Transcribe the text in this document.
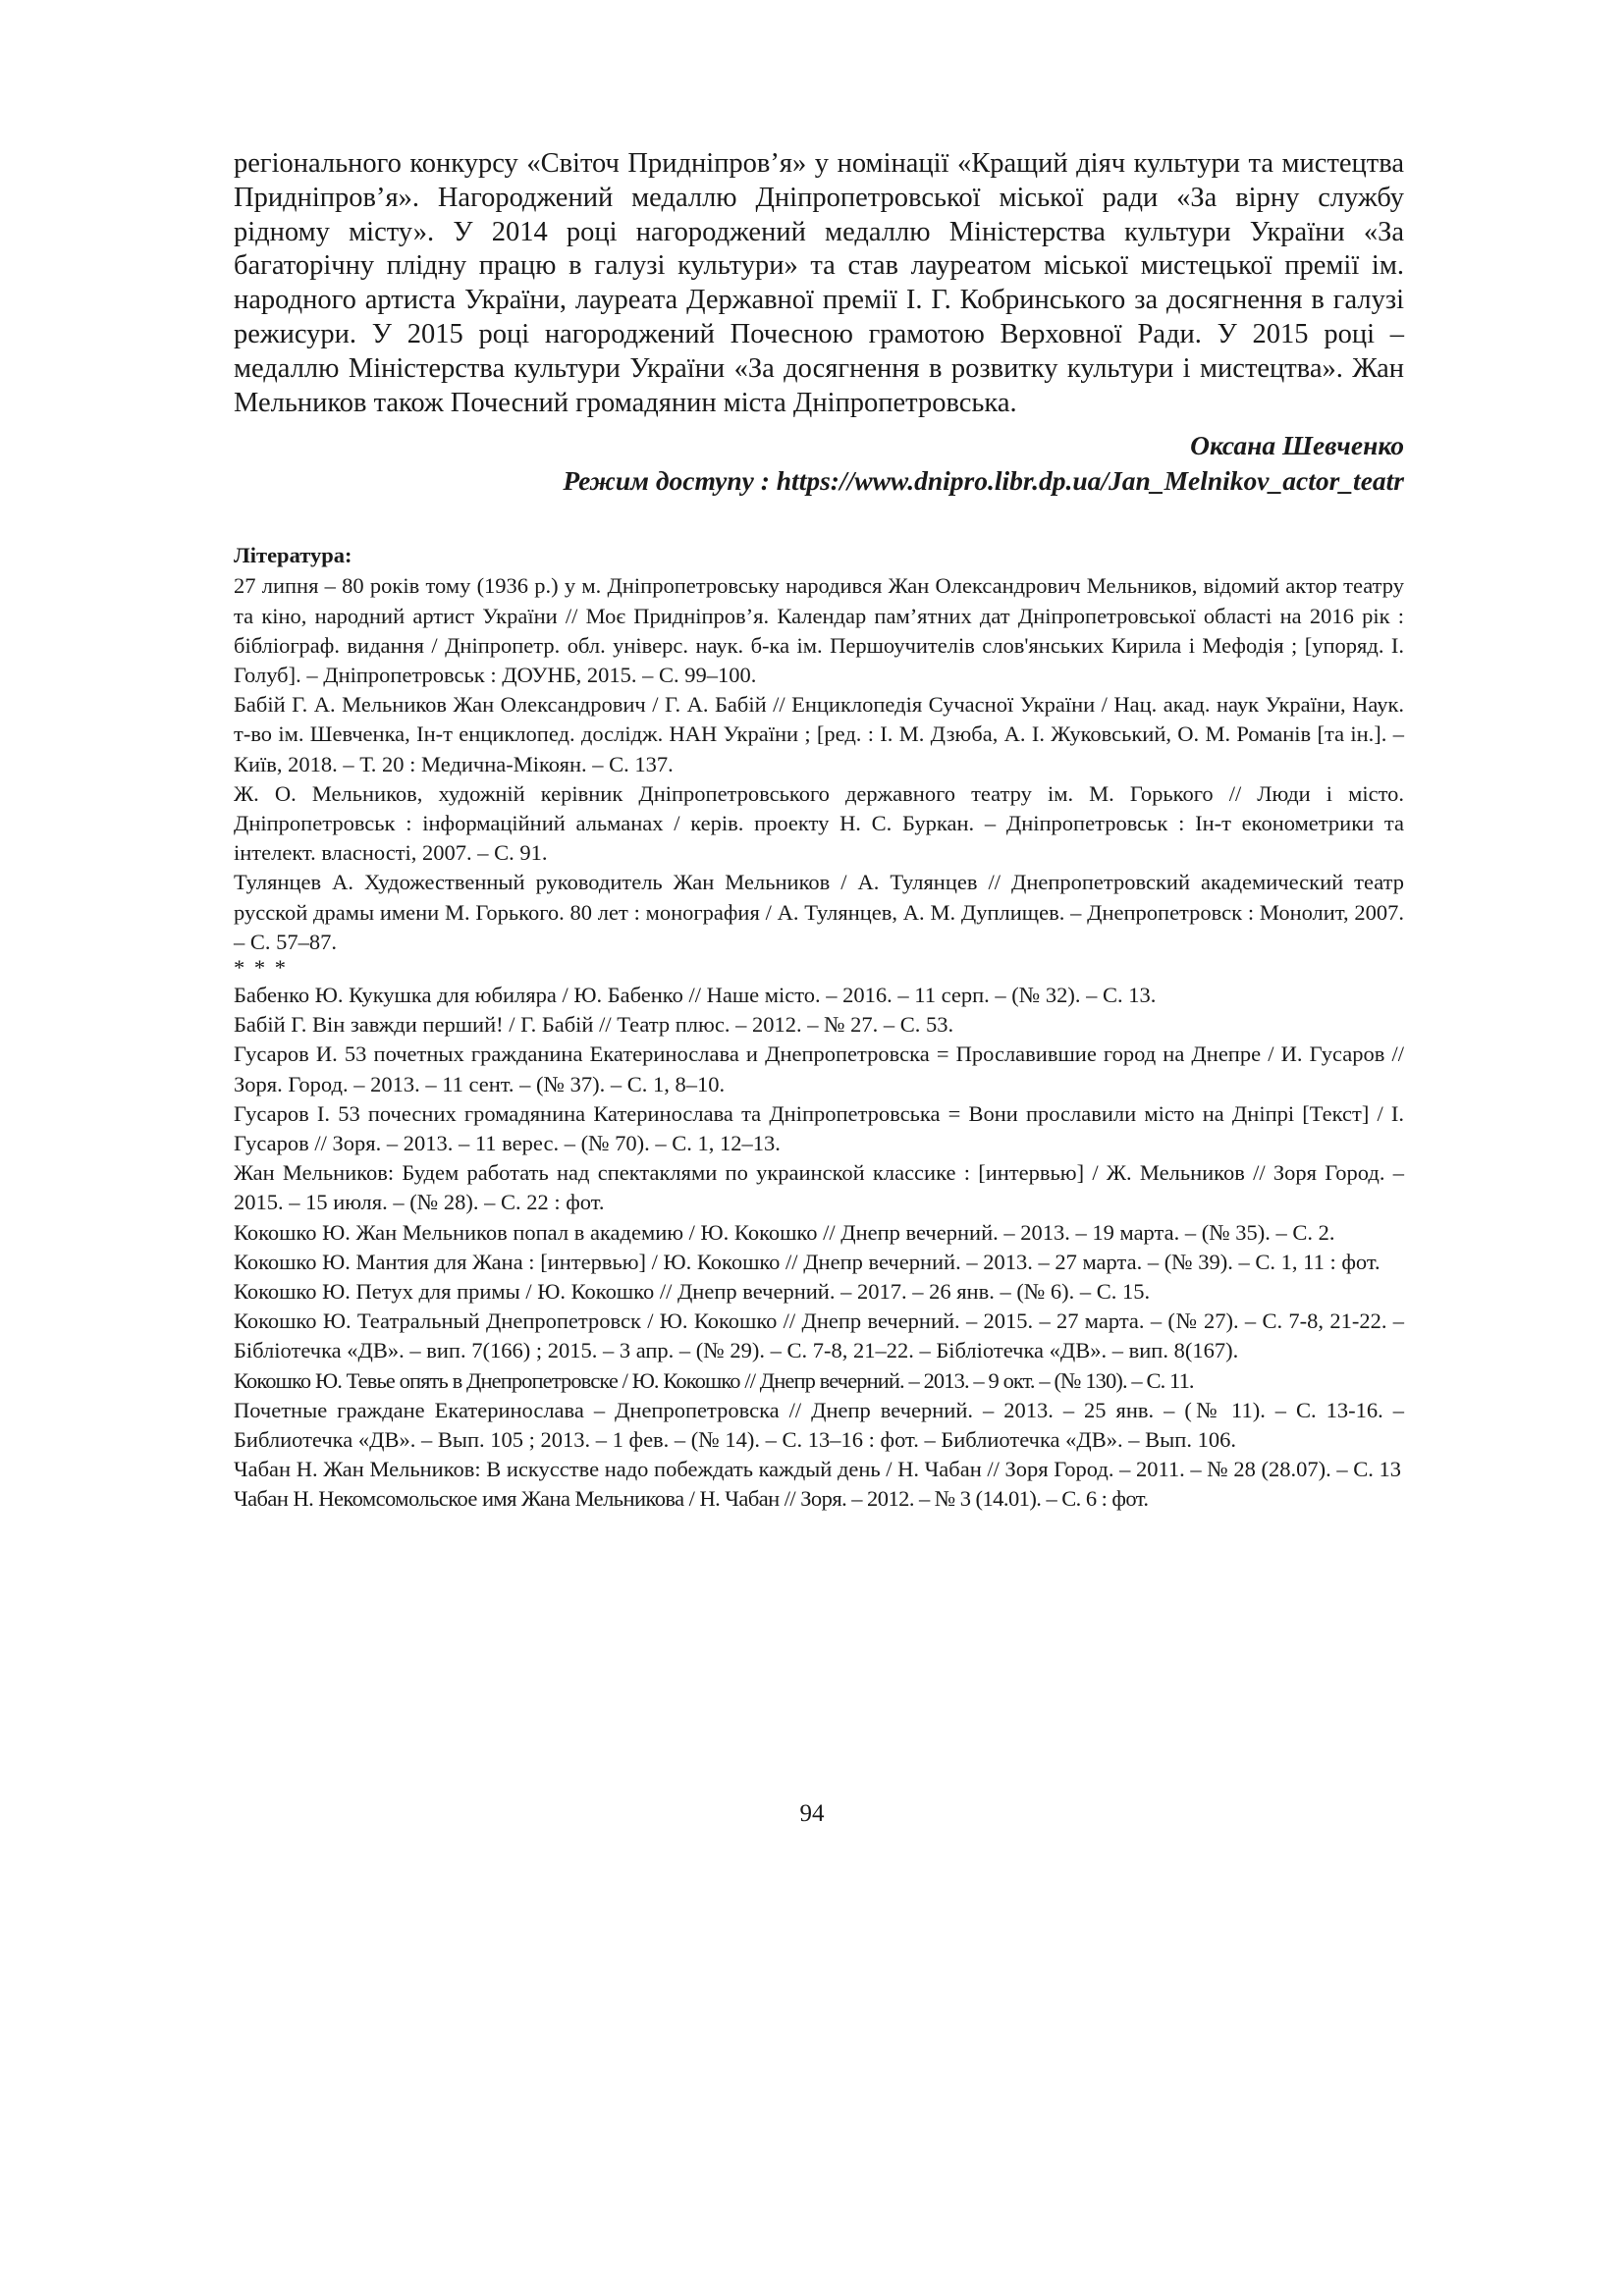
регіонального конкурсу «Світоч Придніпров’я» у номінації «Кращий діяч культури та мистецтва Придніпров’я». Нагороджений медаллю Дніпропетровської міської ради «За вірну службу рідному місту». У 2014 році нагороджений медаллю Міністерства культури України «За багаторічну плідну працю в галузі культури» та став лауреатом міської мистецької премії ім. народного артиста України, лауреата Державної премії І. Г. Кобринського за досягнення в галузі режисури. У 2015 році нагороджений Почесною грамотою Верховної Ради. У 2015 році – медаллю Міністерства культури України «За досягнення в розвитку культури і мистецтва». Жан Мельников також Почесний громадянин міста Дніпропетровська.

Оксана Шевченко
Режим доступу : https://www.dnipro.libr.dp.ua/Jan_Melnikov_actor_teatr
Література:
27 липня – 80 років тому (1936 р.) у м. Дніпропетровську народився Жан Олександрович Мельников, відомий актор театру та кіно, народний артист України // Моє Придніпров’я. Календар пам’ятних дат Дніпропетровської області на 2016 рік : бібліограф. видання / Дніпропетр. обл. універс. наук. б-ка ім. Першоучителів слов'янських Кирила і Мефодія ; [упоряд. І. Голуб]. – Дніпропетровськ : ДОУНБ, 2015. – С. 99–100.
Бабій Г. А. Мельников Жан Олександрович / Г. А. Бабій // Енциклопедія Сучасної України / Нац. акад. наук України, Наук. т-во ім. Шевченка, Ін-т енциклопед. дослідж. НАН України ; [ред. : І. М. Дзюба, А. І. Жуковський, О. М. Романів [та ін.]. – Київ, 2018. – Т. 20 : Медична-Мікоян. – С. 137.
Ж. О. Мельников, художній керівник Дніпропетровського державного театру ім. М. Горького // Люди і місто. Дніпропетровськ : інформаційний альманах / керів. проекту Н. С. Буркан. – Дніпропетровськ : Ін-т економетрики та інтелект. власності, 2007. – С. 91.
Тулянцев А. Художественный руководитель Жан Мельников / А. Тулянцев // Днепропетровский академический театр русской драмы имени М. Горького. 80 лет : монография / А. Тулянцев, А. М. Дуплищев. – Днепропетровск : Монолит, 2007. – С. 57–87.
* * *
Бабенко Ю. Кукушка для юбиляра / Ю. Бабенко // Наше місто. – 2016. – 11 серп. – (№ 32). – С. 13.
Бабій Г. Він завжди перший! / Г. Бабій // Театр плюс. – 2012. – № 27. – С. 53.
Гусаров И. 53 почетных гражданина Екатеринослава и Днепропетровска = Прославившие город на Днепре / И. Гусаров // Зоря. Город. – 2013. – 11 сент. – (№ 37). – С. 1, 8–10.
Гусаров І. 53 почесних громадянина Катеринослава та Дніпропетровська = Вони прославили місто на Дніпрі [Текст] / І. Гусаров // Зоря. – 2013. – 11 верес. – (№ 70). – С. 1, 12–13.
Жан Мельников: Будем работать над спектаклями по украинской классике : [интервью] / Ж. Мельников // Зоря Город. – 2015. – 15 июля. – (№ 28). – С. 22 : фот.
Кокошко Ю. Жан Мельников попал в академию / Ю. Кокошко // Днепр вечерний. – 2013. – 19 марта. – (№ 35). – С. 2.
Кокошко Ю. Мантия для Жана : [интервью] / Ю. Кокошко // Днепр вечерний. – 2013. – 27 марта. – (№ 39). – С. 1, 11 : фот.
Кокошко Ю. Петух для примы / Ю. Кокошко // Днепр вечерний. – 2017. – 26 янв. – (№ 6). – С. 15.
Кокошко Ю. Театральный Днепропетровск / Ю. Кокошко // Днепр вечерний. – 2015. – 27 марта. – (№ 27). – С. 7-8, 21-22. – Бібліотечка «ДВ». – вип. 7(166) ; 2015. – 3 апр. – (№ 29). – С. 7-8, 21–22. – Бібліотечка «ДВ». – вип. 8(167).
Кокошко Ю. Тевье опять в Днепропетровске / Ю. Кокошко // Днепр вечерний. – 2013. – 9 окт. – (№ 130). – С. 11.
Почетные граждане Екатеринослава – Днепропетровска // Днепр вечерний. – 2013. – 25 янв. – (№ 11). – С. 13-16. – Библиотечка «ДВ». – Вып. 105 ; 2013. – 1 фев. – (№ 14). – С. 13–16 : фот. – Библиотечка «ДВ». – Вып. 106.
Чабан Н. Жан Мельников: В искусстве надо побеждать каждый день / Н. Чабан // Зоря Город. – 2011. – № 28 (28.07). – С. 13
Чабан Н. Некомсомольское имя Жана Мельникова / Н. Чабан // Зоря. – 2012. – № 3 (14.01). – С. 6 : фот.
94
